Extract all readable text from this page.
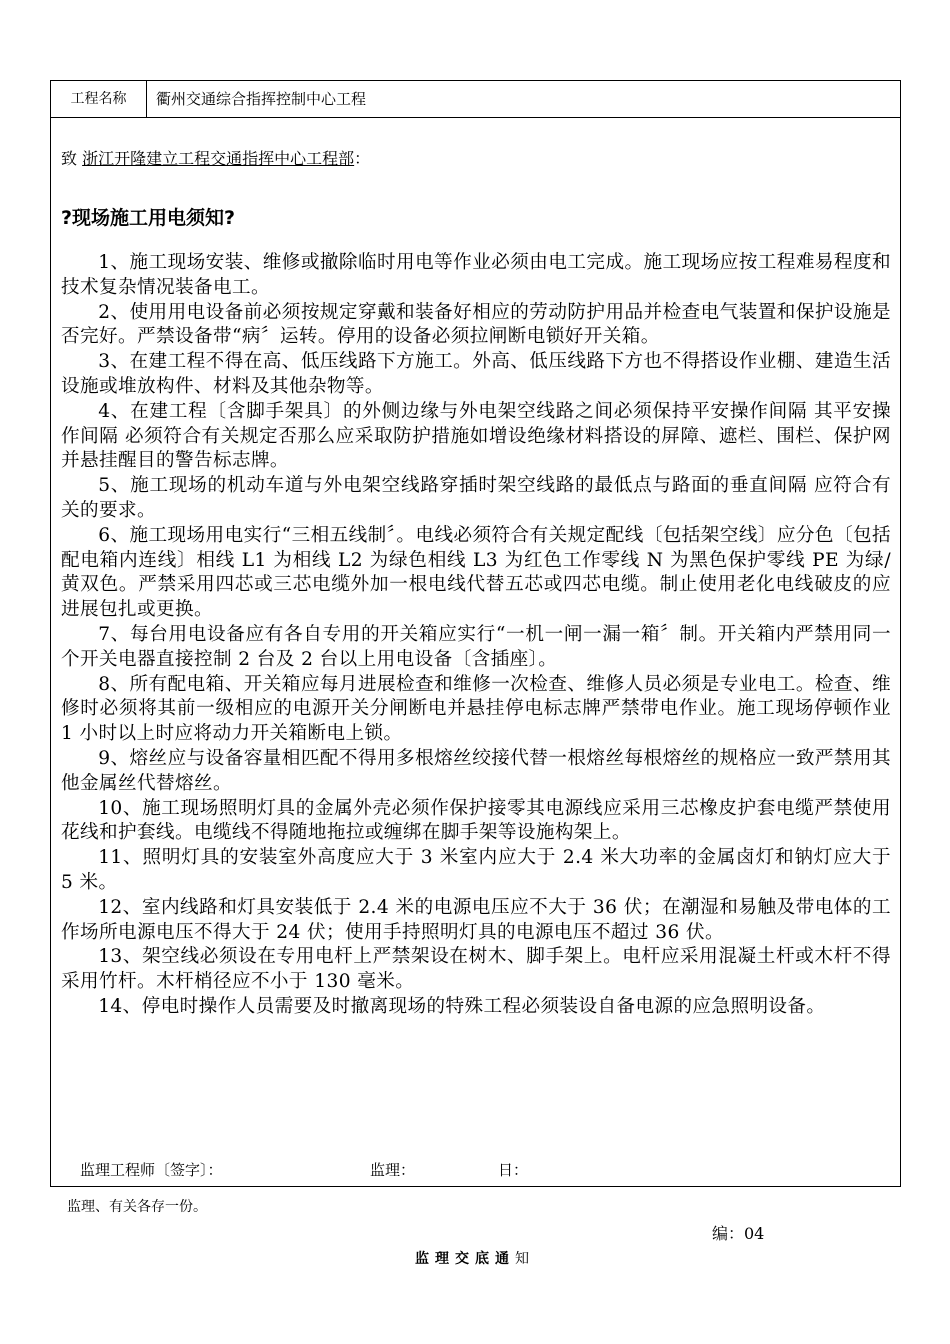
工程名称	衢州交通综合指挥控制中心工程
致 浙江开隆建立工程交通指挥中心工程部：
?现场施工用电须知?
1、施工现场安装、维修或撤除临时用电等作业必须由电工完成。施工现场应按工程难易程度和技术复杂情况装备电工。
2、使用用电设备前必须按规定穿戴和装备好相应的劳动防护用品并检查电气装置和保护设施是否完好。严禁设备带“病〞运转。停用的设备必须拉闸断电锁好开关箱。
3、在建工程不得在高、低压线路下方施工。外高、低压线路下方也不得搭设作业棚、建造生活设施或堆放构件、材料及其他杂物等。
4、在建工程〔含脚手架具〕的外侧边缘与外电架空线路之间必须保持平安操作间隔 其平安操作间隔 必须符合有关规定否那么应采取防护措施如增设绝缘材料搭设的屏障、遮栏、围栏、保护网并悬挂醒目的警告标志牌。
5、施工现场的机动车道与外电架空线路穿插时架空线路的最低点与路面的垂直间隔 应符合有关的要求。
6、施工现场用电实行“三相五线制〞。电线必须符合有关规定配线〔包括架空线〕应分色〔包括配电箱内连线〕相线 L1 为相线 L2 为绿色相线 L3 为红色工作零线 N 为黑色保护零线 PE 为绿/黄双色。严禁采用四芯或三芯电缆外加一根电线代替五芯或四芯电缆。制止使用老化电线破皮的应进展包扎或更换。
7、每台用电设备应有各自专用的开关箱应实行“一机一闸一漏一箱〞制。开关箱内严禁用同一个开关电器直接控制 2 台及 2 台以上用电设备〔含插座〕。
8、所有配电箱、开关箱应每月进展检查和维修一次检查、维修人员必须是专业电工。检查、维修时必须将其前一级相应的电源开关分闸断电并悬挂停电标志牌严禁带电作业。施工现场停顿作业 1 小时以上时应将动力开关箱断电上锁。
9、熔丝应与设备容量相匹配不得用多根熔丝绞接代替一根熔丝每根熔丝的规格应一致严禁用其他金属丝代替熔丝。
10、施工现场照明灯具的金属外壳必须作保护接零其电源线应采用三芯橡皮护套电缆严禁使用花线和护套线。电缆线不得随地拖拉或缠绑在脚手架等设施构架上。
11、照明灯具的安装室外高度应大于 3 米室内应大于 2.4 米大功率的金属卤灯和钠灯应大于 5 米。
12、室内线路和灯具安装低于 2.4 米的电源电压应不大于 36 伏；在潮湿和易触及带电体的工作场所电源电压不得大于 24 伏；使用手持照明灯具的电源电压不超过 36 伏。
13、架空线必须设在专用电杆上严禁架设在树木、脚手架上。电杆应采用混凝土杆或木杆不得采用竹杆。木杆梢径应不小于 130 毫米。
14、停电时操作人员需要及时撤离现场的特殊工程必须装设自备电源的应急照明设备。
监理工程师〔签字〕：	监理：	日：
监理、有关各存一份。
编：04
监理交底通知
